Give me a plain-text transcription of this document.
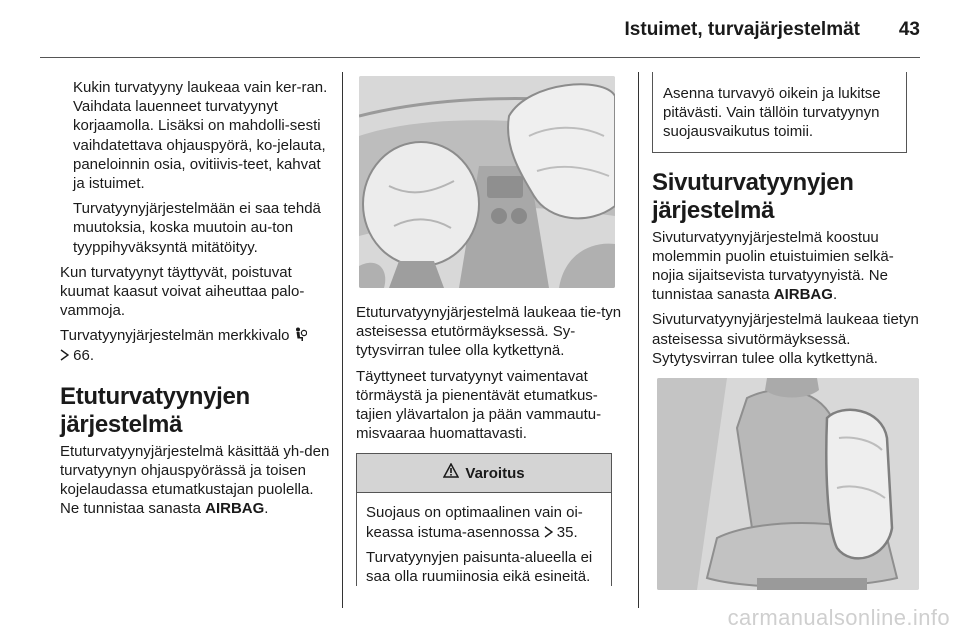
Istuimet, turvajärjestelmät	43

Kukin turvatyyny laukeaa vain ker-ran. Vaihdata lauenneet turvatyynyt korjaamolla. Lisäksi on mahdolli-sesti vaihdatettava ohjauspyörä, ko-jelauta, paneloinnin osia, ovitiivis-teet, kahvat ja istuimet.

Turvatyynyjärjestelmään ei saa tehdä muutoksia, koska muutoin au-ton tyyppihyväksyntä mitätöityy.

Kun turvatyynyt täyttyvät, poistuvat kuumat kaasut voivat aiheuttaa palo-vammoja.

Turvatyynyjärjestelmän merkkivalo
66.

Etuturvatyynyjen järjestelmä

Etuturvatyynyjärjestelmä käsittää yh-den turvatyynyn ohjauspyörässä ja toisen kojelaudassa etumatkustajan puolella. Ne tunnistaa sanasta AIRBAG.

Etuturvatyynyjärjestelmä laukeaa tie-tyn asteisessa etutörmäyksessä. Sy-tytysvirran tulee olla kytkettynä.

Täyttyneet turvatyynyt vaimentavat törmäystä ja pienentävät etumatkus-tajien ylävartalon ja pään vammautu-misvaaraa huomattavasti.

Varoitus

Suojaus on optimaalinen vain oi-keassa istuma-asennossa 35.

Turvatyynyjen paisunta-alueella ei saa olla ruumiinosia eikä esineitä.

Asenna turvavyö oikein ja lukitse pitävästi. Vain tällöin turvatyynyn suojausvaikutus toimii.
Sivuturvatyynyjen järjestelmä

Sivuturvatyynyjärjestelmä koostuu molemmin puolin etuistuimien selkä-nojia sijaitsevista turvatyynyistä. Ne tunnistaa sanasta AIRBAG.

Sivuturvatyynyjärjestelmä laukeaa tietyn asteisessa sivutörmäyksessä. Sytytysvirran tulee olla kytkettynä.

carmanualsonline.info
